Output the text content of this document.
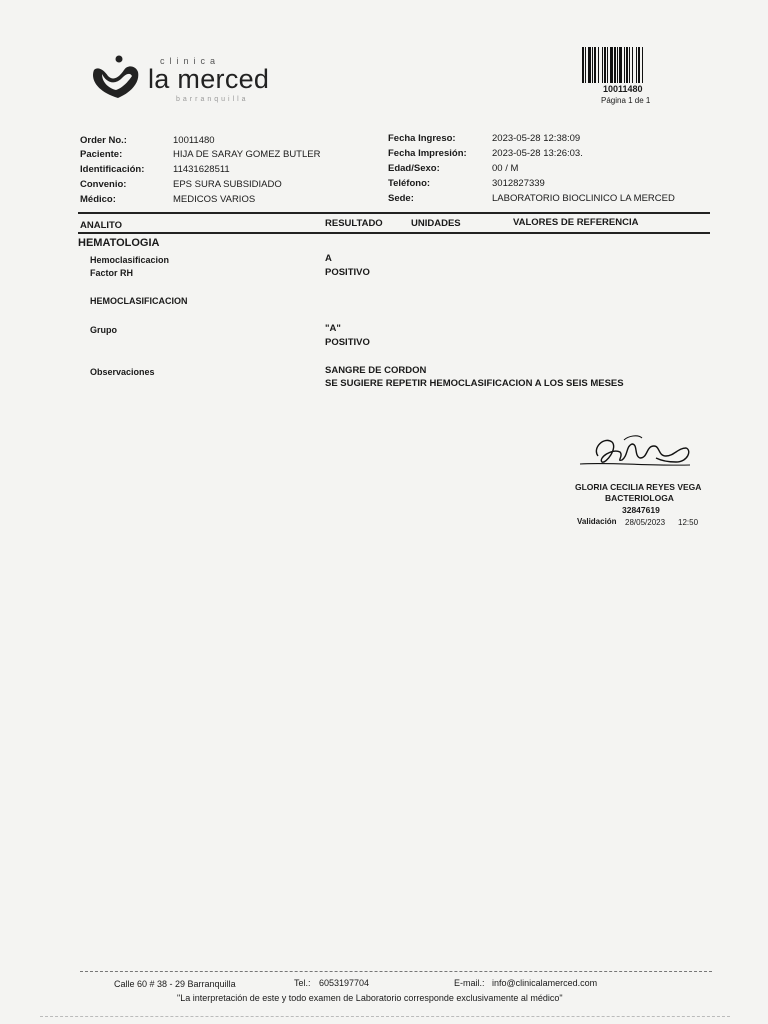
clinica
la merced
barranquilla
10011480
Página 1 de 1
Order No.:	10011480
Paciente:	HIJA DE SARAY GOMEZ BUTLER
Identificación:	11431628511
Convenio:	EPS SURA SUBSIDIADO
Médico:	MEDICOS VARIOS
Fecha Ingreso:	2023-05-28 12:38:09
Fecha Impresión:	2023-05-28 13:26:03.
Edad/Sexo:	00 / M
Teléfono:	3012827339
Sede:	LABORATORIO BIOCLINICO LA MERCED
ANALITO	RESULTADO	UNIDADES	VALORES DE REFERENCIA
HEMATOLOGIA
Hemoclasificacion	A
Factor RH	POSITIVO
HEMOCLASIFICACION
Grupo	"A"
POSITIVO
Observaciones	SANGRE DE CORDON
SE SUGIERE REPETIR HEMOCLASIFICACION A LOS SEIS MESES
GLORIA CECILIA REYES VEGA
BACTERIOLOGA
32847619
Validación 28/05/2023 12:50
Calle 60 # 38 - 29 Barranquilla	Tel.: 6053197704	E-mail.: info@clinicalamerced.com
"La interpretación de este y todo examen de Laboratorio corresponde exclusivamente al médico"
